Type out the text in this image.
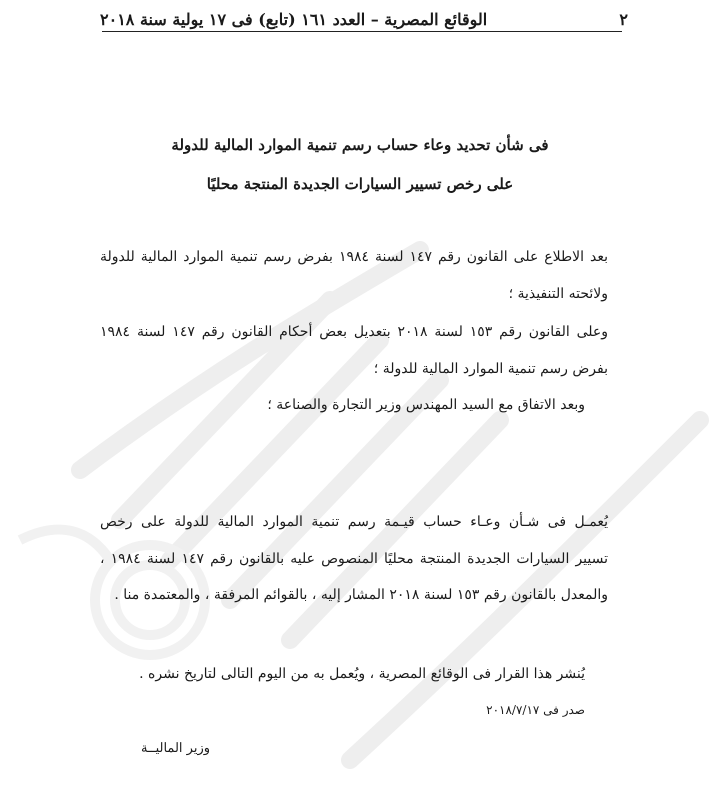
٢
الوقائع المصرية – العدد ١٦١ (تابع) فى ١٧ يولية سنة ٢٠١٨
فى شأن تحديد وعاء حساب رسم تنمية الموارد المالية للدولة
على رخص تسيير السيارات الجديدة المنتجة محليًا
بعد الاطلاع على القانون رقم ١٤٧ لسنة ١٩٨٤ بفرض رسم تنمية الموارد المالية للدولة
ولائحته التنفيذية ؛
وعلى القانون رقم ١٥٣ لسنة ٢٠١٨ بتعديل بعض أحكام القانون رقم ١٤٧ لسنة ١٩٨٤
بفرض رسم تنمية الموارد المالية للدولة ؛
وبعد الاتفاق مع السيد المهندس وزير التجارة والصناعة ؛
يُعمـل فى شـأن وعـاء حساب قيـمة رسم تنمية الموارد المالية للدولة على رخص
تسيير السيارات الجديدة المنتجة محليًا المنصوص عليه بالقانون رقم ١٤٧ لسنة ١٩٨٤ ،
والمعدل بالقانون رقم ١٥٣ لسنة ٢٠١٨ المشار إليه ، بالقوائم المرفقة ، والمعتمدة منا .
يُنشر هذا القرار فى الوقائع المصرية ، ويُعمل به من اليوم التالى لتاريخ نشره .
صدر فى ٢٠١٨/٧/١٧
وزير الماليــة
